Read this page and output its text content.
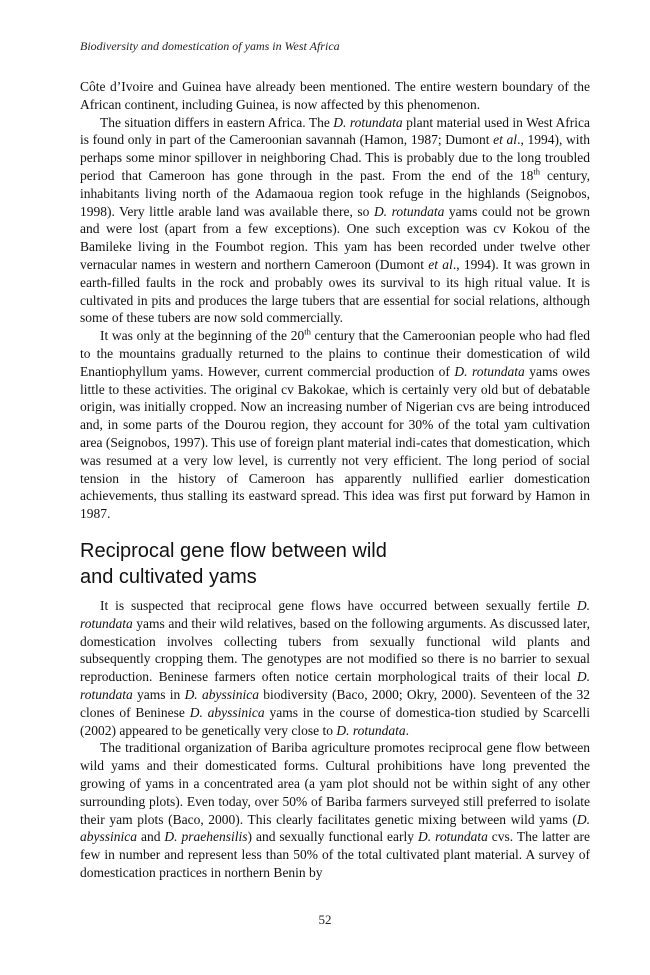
Biodiversity and domestication of yams in West Africa

Côte d’Ivoire and Guinea have already been mentioned. The entire western boundary of the African continent, including Guinea, is now affected by this phenomenon.

The situation differs in eastern Africa. The D. rotundata plant material used in West Africa is found only in part of the Cameroonian savannah (Hamon, 1987; Dumont et al., 1994), with perhaps some minor spillover in neighboring Chad. This is probably due to the long troubled period that Cameroon has gone through in the past. From the end of the 18th century, inhabitants living north of the Adamaoua region took refuge in the highlands (Seignobos, 1998). Very little arable land was available there, so D. rotundata yams could not be grown and were lost (apart from a few exceptions). One such exception was cv Kokou of the Bamileke living in the Foumbot region. This yam has been recorded under twelve other vernacular names in western and northern Cameroon (Dumont et al., 1994). It was grown in earth-filled faults in the rock and probably owes its survival to its high ritual value. It is cultivated in pits and produces the large tubers that are essential for social relations, although some of these tubers are now sold commercially.

It was only at the beginning of the 20th century that the Cameroonian people who had fled to the mountains gradually returned to the plains to continue their domestication of wild Enantiophyllum yams. However, current commercial production of D. rotundata yams owes little to these activities. The original cv Bakokae, which is certainly very old but of debatable origin, was initially cropped. Now an increasing number of Nigerian cvs are being introduced and, in some parts of the Dourou region, they account for 30% of the total yam cultivation area (Seignobos, 1997). This use of foreign plant material indi-cates that domestication, which was resumed at a very low level, is currently not very efficient. The long period of social tension in the history of Cameroon has apparently nullified earlier domestication achievements, thus stalling its eastward spread. This idea was first put forward by Hamon in 1987.

Reciprocal gene flow between wild
and cultivated yams

It is suspected that reciprocal gene flows have occurred between sexually fertile D. rotundata yams and their wild relatives, based on the following arguments. As discussed later, domestication involves collecting tubers from sexually functional wild plants and subsequently cropping them. The genotypes are not modified so there is no barrier to sexual reproduction. Beninese farmers often notice certain morphological traits of their local D. rotundata yams in D. abyssinica biodiversity (Baco, 2000; Okry, 2000). Seventeen of the 32 clones of Beninese D. abyssinica yams in the course of domestica-tion studied by Scarcelli (2002) appeared to be genetically very close to D. rotundata.

The traditional organization of Bariba agriculture promotes reciprocal gene flow between wild yams and their domesticated forms. Cultural prohibitions have long prevented the growing of yams in a concentrated area (a yam plot should not be within sight of any other surrounding plots). Even today, over 50% of Bariba farmers surveyed still preferred to isolate their yam plots (Baco, 2000). This clearly facilitates genetic mixing between wild yams (D. abyssinica and D. praehensilis) and sexually functional early D. rotundata cvs. The latter are few in number and represent less than 50% of the total cultivated plant material. A survey of domestication practices in northern Benin by

52
